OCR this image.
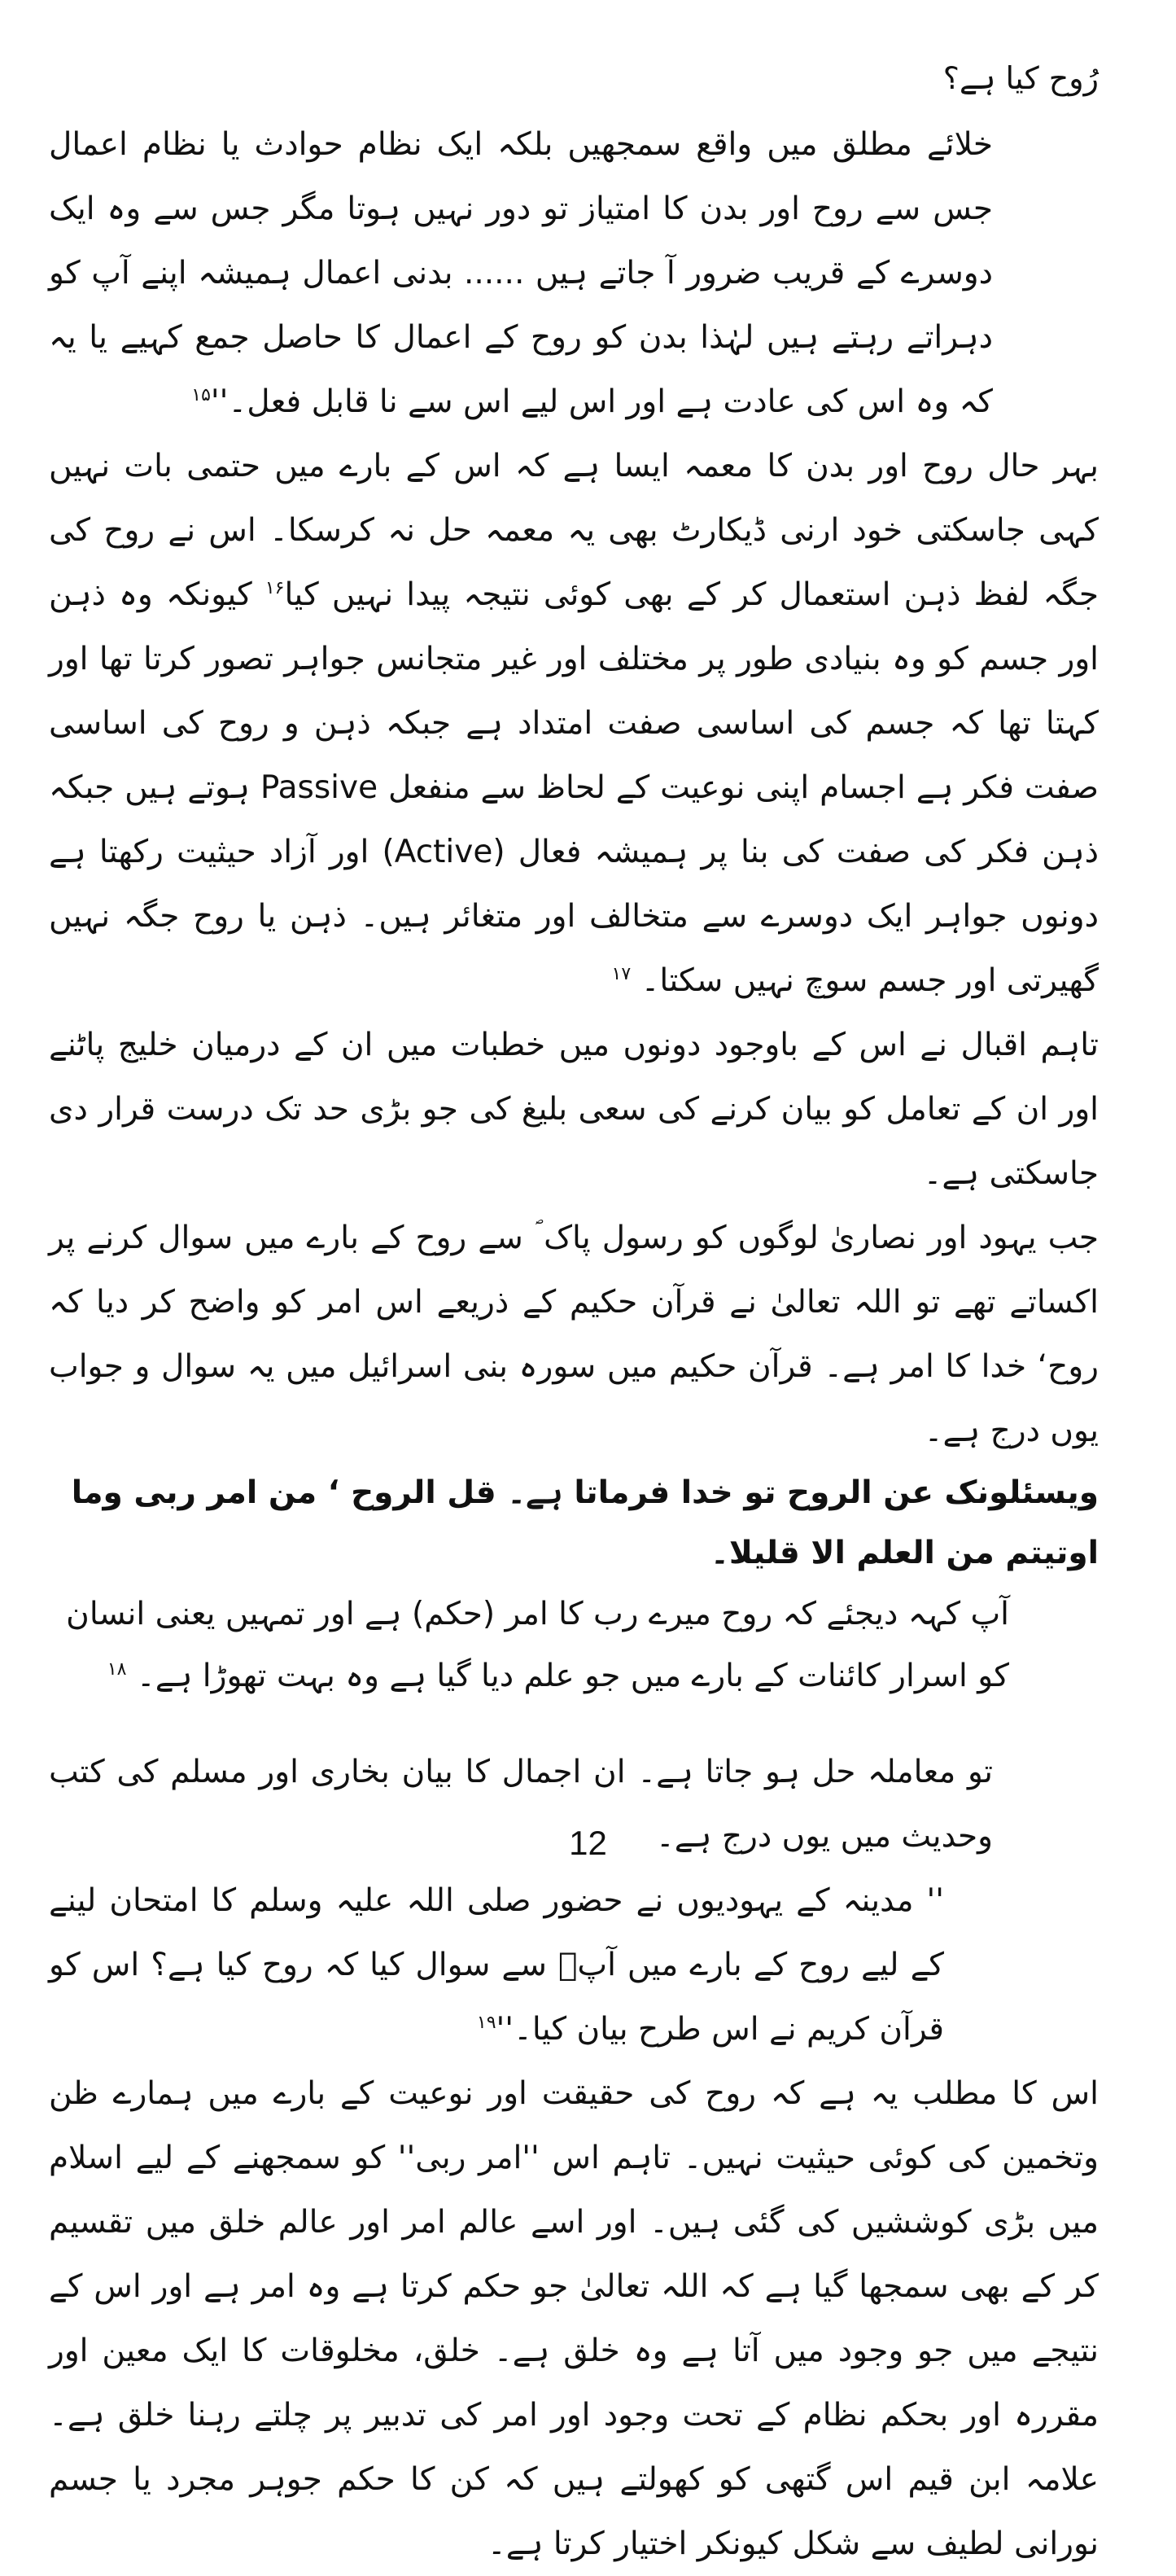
رُوح کیا ہے؟

خلائے مطلق میں واقع سمجھیں بلکہ ایک نظام حوادث یا نظام اعمال جس سے روح اور بدن کا امتیاز تو دور نہیں ہوتا مگر جس سے وہ ایک دوسرے کے قریب ضرور آ جاتے ہیں ...... بدنی اعمال ہمیشہ اپنے آپ کو دہراتے رہتے ہیں لہٰذا بدن کو روح کے اعمال کا حاصل جمع کہیے یا یہ کہ وہ اس کی عادت ہے اور اس لیے اس سے نا قابل فعل۔''$^{۱۵}$

بہر حال روح اور بدن کا معمہ ایسا ہے کہ اس کے بارے میں حتمی بات نہیں کہی جاسکتی خود ارنی ڈیکارٹ بھی یہ معمہ حل نہ کرسکا۔ اس نے روح کی جگہ لفظ ذہن استعمال کر کے بھی کوئی نتیجہ پیدا نہیں کیا$^{۱۶}$ کیونکہ وہ ذہن اور جسم کو وہ بنیادی طور پر مختلف اور غیر متجانس جواہر تصور کرتا تھا اور کہتا تھا کہ جسم کی اساسی صفت امتداد ہے جبکہ ذہن و روح کی اساسی صفت فکر ہے اجسام اپنی نوعیت کے لحاظ سے منفعل Passive ہوتے ہیں جبکہ ذہن فکر کی صفت کی بنا پر ہمیشہ فعال (Active) اور آزاد حیثیت رکھتا ہے دونوں جواہر ایک دوسرے سے متخالف اور متغائر ہیں۔ ذہن یا روح جگہ نہیں گھیرتی اور جسم سوچ نہیں سکتا۔ $^{۱۷}$

تاہم اقبال نے اس کے باوجود دونوں میں خطبات میں ان کے درمیان خلیج پاٹنے اور ان کے تعامل کو بیان کرنے کی سعی بلیغ کی جو بڑی حد تک درست قرار دی جاسکتی ہے۔

جب یہود اور نصاریٰ لوگوں کو رسول پاک ؐ سے روح کے بارے میں سوال کرنے پر اکساتے تھے تو اللہ تعالیٰ نے قرآن حکیم کے ذریعے اس امر کو واضح کر دیا کہ روح‘ خدا کا امر ہے۔ قرآن حکیم میں سورہ بنی اسرائیل میں یہ سوال و جواب یوں درج ہے۔

ویسئلونک عن الروح تو خدا فرماتا ہے۔ قل الروح ‘ من امر ربی وما اوتیتم من العلم الا قلیلا۔

آپ کہہ دیجئے کہ روح میرے رب کا امر (حکم) ہے اور تمہیں یعنی انسان کو اسرار کائنات کے بارے میں جو علم دیا گیا ہے وہ بہت تھوڑا ہے۔ $^{۱۸}$

تو معاملہ حل ہو جاتا ہے۔ ان اجمال کا بیان بخاری اور مسلم کی کتب وحدیث میں یوں درج ہے۔

'' مدینہ کے یہودیوں نے حضور صلی اللہ علیہ وسلم کا امتحان لینے کے لیے روح کے بارے میں آپؐ سے سوال کیا کہ روح کیا ہے؟ اس کو قرآن کریم نے اس طرح بیان کیا۔''$^{۱۹}$

اس کا مطلب یہ ہے کہ روح کی حقیقت اور نوعیت کے بارے میں ہمارے ظن وتخمین کی کوئی حیثیت نہیں۔ تاہم اس ''امر ربی'' کو سمجھنے کے لیے اسلام میں بڑی کوششیں کی گئی ہیں۔ اور اسے عالم امر اور عالم خلق میں تقسیم کر کے بھی سمجھا گیا ہے کہ اللہ تعالیٰ جو حکم کرتا ہے وہ امر ہے اور اس کے نتیجے میں جو وجود میں آتا ہے وہ خلق ہے۔ خلق، مخلوقات کا ایک معین اور مقررہ اور بحکم نظام کے تحت وجود اور امر کی تدبیر پر چلتے رہنا خلق ہے۔ علامہ ابن قیم اس گتھی کو کھولتے ہیں کہ کن کا حکم جوہر مجرد یا جسم نورانی لطیف سے شکل کیونکر اختیار کرتا ہے۔

12
